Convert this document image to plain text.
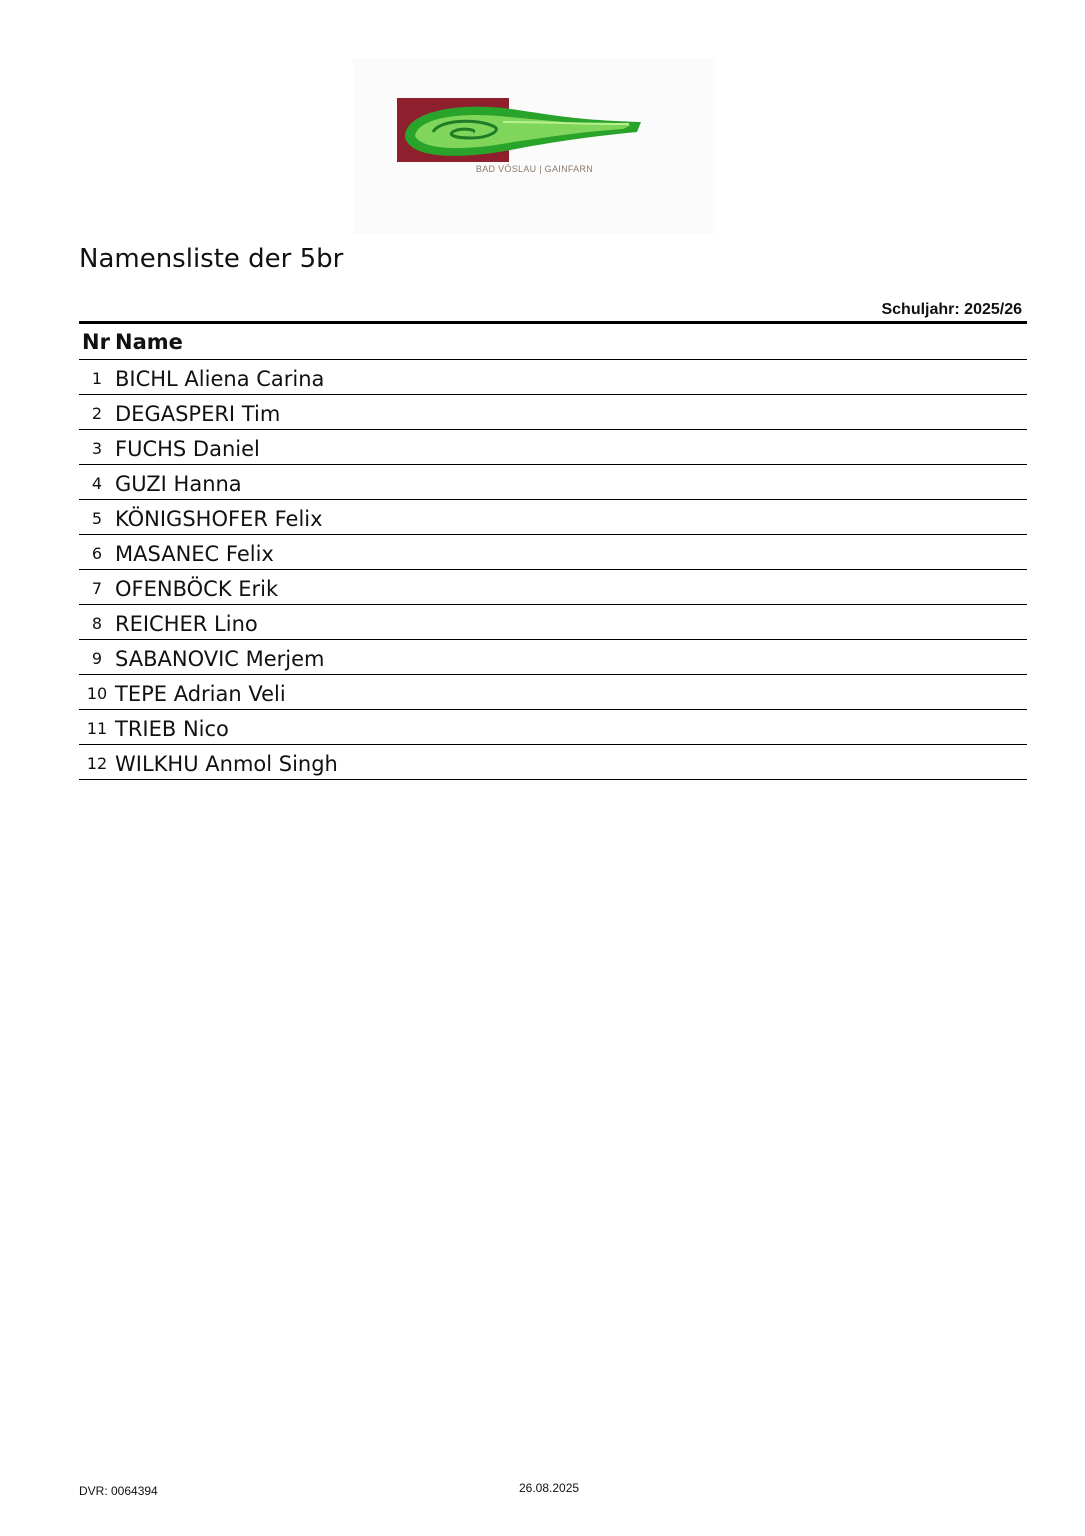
BAD VÖSLAU | GAINFARN
Namensliste der 5br
Schuljahr: 2025/26
Nr Name
1 BICHL Aliena Carina
2 DEGASPERI Tim
3 FUCHS Daniel
4 GUZI Hanna
5 KÖNIGSHOFER Felix
6 MASANEC Felix
7 OFENBÖCK Erik
8 REICHER Lino
9 SABANOVIC Merjem
10 TEPE Adrian Veli
11 TRIEB Nico
12 WILKHU Anmol Singh
DVR: 0064394	26.08.2025
